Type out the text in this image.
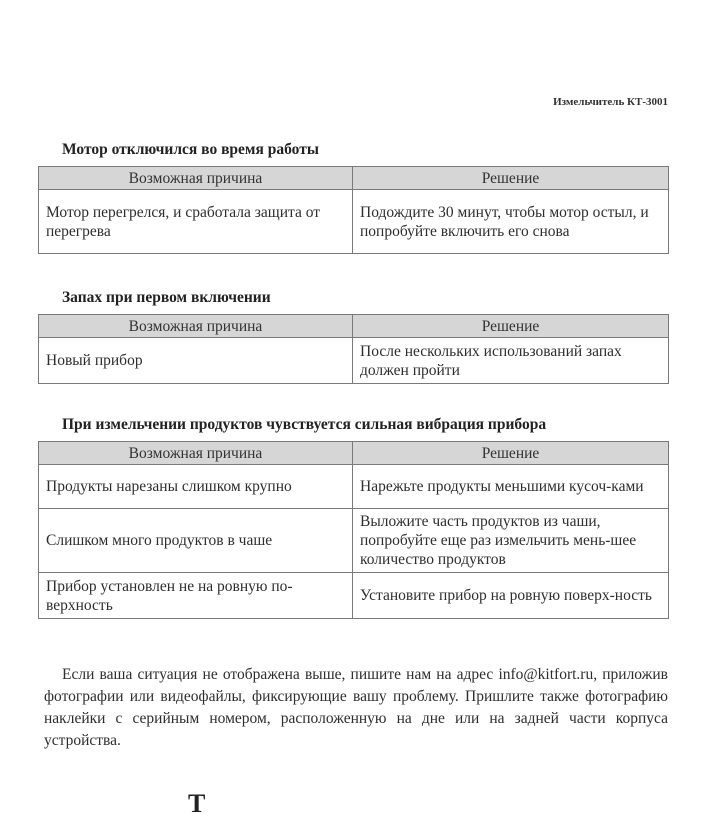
Измельчитель КТ-3001
Мотор отключился во время работы
Возможная причина	Решение
Мотор перегрелся, и сработала защита от перегрева	Подождите 30 минут, чтобы мотор остыл, и попробуйте включить его снова
Запах при первом включении
Возможная причина	Решение
Новый прибор	После нескольких использований запах должен пройти
При измельчении продуктов чувствуется сильная вибрация прибора
Возможная причина	Решение
Продукты нарезаны слишком крупно	Нарежьте продукты меньшими кусоч-ками
Слишком много продуктов в чаше	Выложите часть продуктов из чаши, попробуйте еще раз измельчить мень-шее количество продуктов
Прибор установлен не на ровную по-верхность	Установите прибор на ровную поверх-ность

Если ваша ситуация не отображена выше, пишите нам на адрес info@kitfort.ru, приложив фотографии или видеофайлы, фиксирующие вашу проблему. Пришлите также фотографию наклейки с серийным номером, расположенную на дне или на задней части корпуса устройства.

Т
